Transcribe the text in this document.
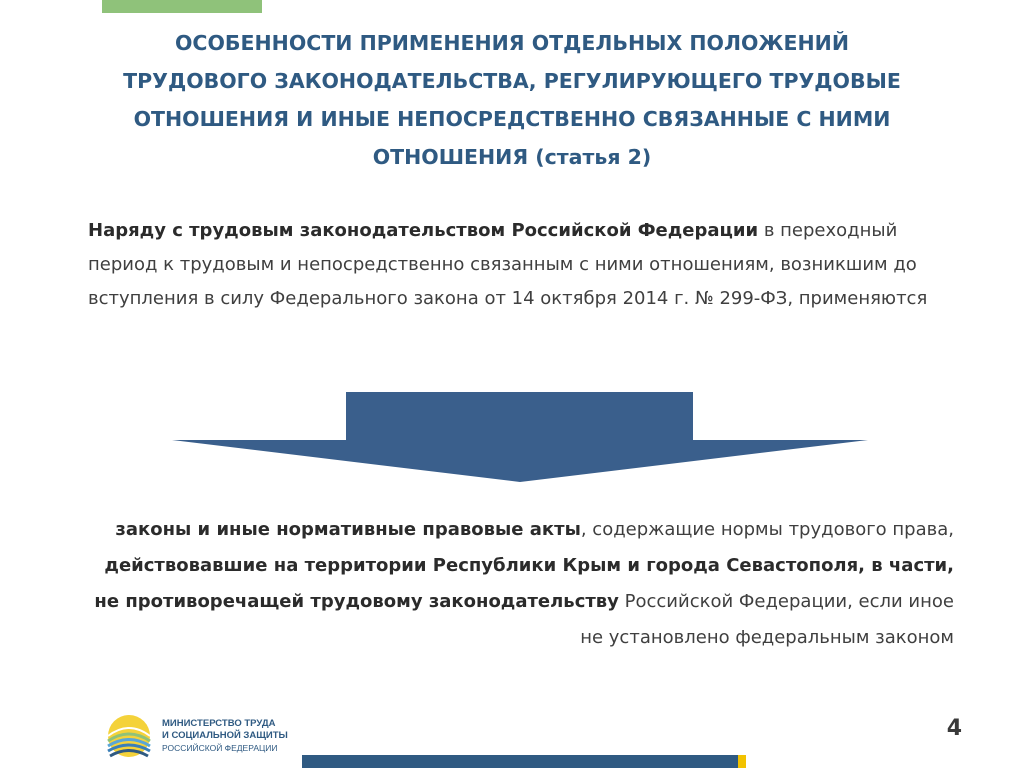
ОСОБЕННОСТИ ПРИМЕНЕНИЯ ОТДЕЛЬНЫХ ПОЛОЖЕНИЙ
ТРУДОВОГО ЗАКОНОДАТЕЛЬСТВА, РЕГУЛИРУЮЩЕГО ТРУДОВЫЕ
ОТНОШЕНИЯ И ИНЫЕ НЕПОСРЕДСТВЕННО СВЯЗАННЫЕ С НИМИ
ОТНОШЕНИЯ (статья 2)
Наряду с трудовым законодательством Российской Федерации в переходный период к трудовым и непосредственно связанным с ними отношениям, возникшим до вступления в силу Федерального закона от 14 октября 2014 г. № 299-ФЗ, применяются
законы и иные нормативные правовые акты, содержащие нормы трудового права, действовавшие на территории Республики Крым и города Севастополя, в части, не противоречащей трудовому законодательству Российской Федерации, если иное не установлено федеральным законом
МИНИСТЕРСТВО ТРУДА
И СОЦИАЛЬНОЙ ЗАЩИТЫ
РОССИЙСКОЙ ФЕДЕРАЦИИ
4
